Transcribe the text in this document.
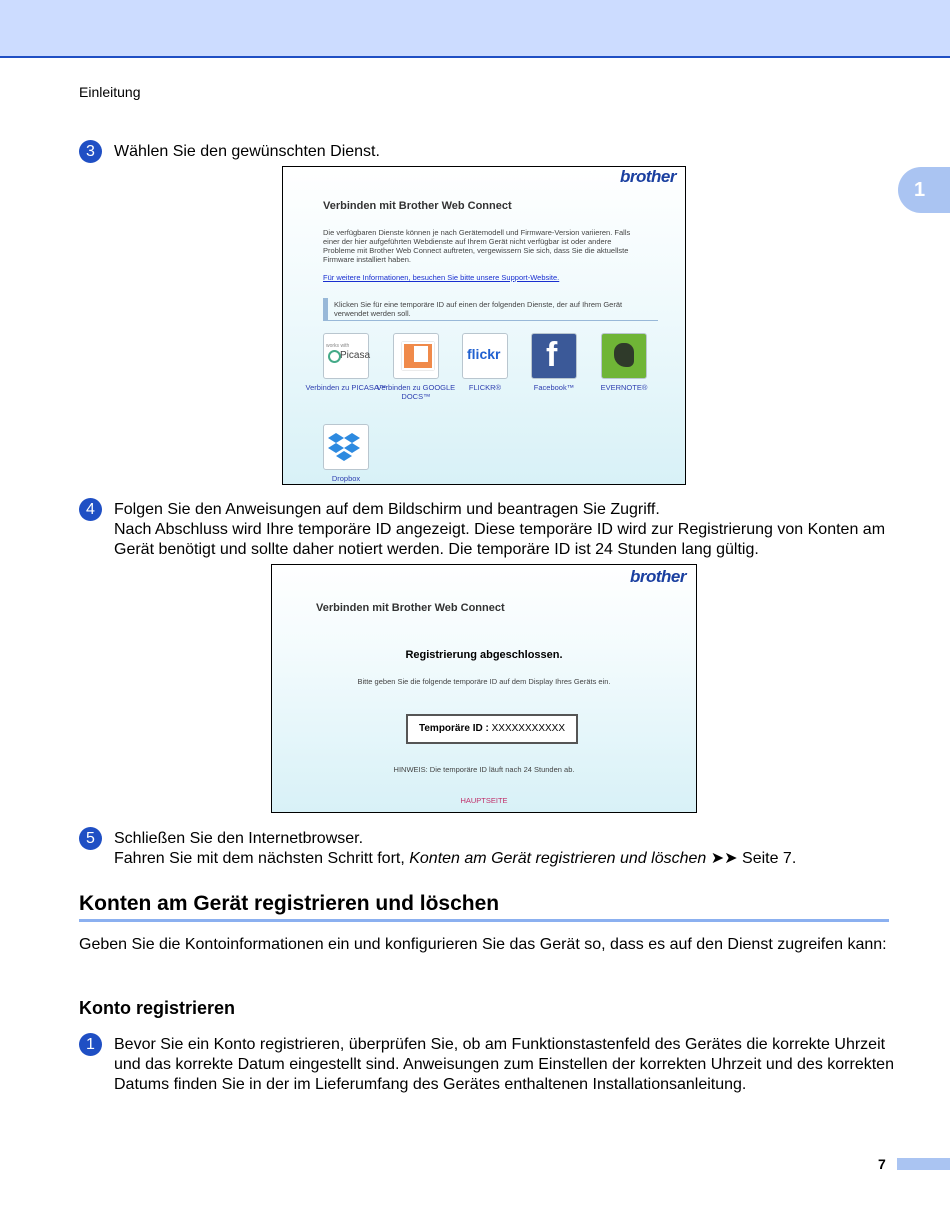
Einleitung
1
3	Wählen Sie den gewünschten Dienst.
brother
Verbinden mit Brother Web Connect
Die verfügbaren Dienste können je nach Gerätemodell und Firmware-Version variieren. Falls einer der hier aufgeführten Webdienste auf Ihrem Gerät nicht verfügbar ist oder andere Probleme mit Brother Web Connect auftreten, vergewissern Sie sich, dass Sie die aktuellste Firmware installiert haben.
Für weitere Informationen, besuchen Sie bitte unsere Support-Website.
Klicken Sie für eine temporäre ID auf einen der folgenden Dienste, der auf Ihrem Gerät verwendet werden soll.
works with
Picasa
Verbinden zu PICASA™
Verbinden zu GOOGLE DOCS™
flickr
FLICKR®
f
Facebook™	EVERNOTE®
Dropbox
4	Folgen Sie den Anweisungen auf dem Bildschirm und beantragen Sie Zugriff.
Nach Abschluss wird Ihre temporäre ID angezeigt. Diese temporäre ID wird zur Registrierung von Konten am Gerät benötigt und sollte daher notiert werden. Die temporäre ID ist 24 Stunden lang gültig.
brother
Verbinden mit Brother Web Connect
Registrierung abgeschlossen.
Bitte geben Sie die folgende temporäre ID auf dem Display Ihres Geräts ein.
Temporäre ID : XXXXXXXXXXX
HINWEIS: Die temporäre ID läuft nach 24 Stunden ab.
HAUPTSEITE
5	Schließen Sie den Internetbrowser.
Fahren Sie mit dem nächsten Schritt fort, Konten am Gerät registrieren und löschen ➤➤ Seite 7.
Konten am Gerät registrieren und löschen
Geben Sie die Kontoinformationen ein und konfigurieren Sie das Gerät so, dass es auf den Dienst zugreifen kann:
Konto registrieren
1	Bevor Sie ein Konto registrieren, überprüfen Sie, ob am Funktionstastenfeld des Gerätes die korrekte Uhrzeit und das korrekte Datum eingestellt sind. Anweisungen zum Einstellen der korrekten Uhrzeit und des korrekten Datums finden Sie in der im Lieferumfang des Gerätes enthaltenen Installationsanleitung.
7
